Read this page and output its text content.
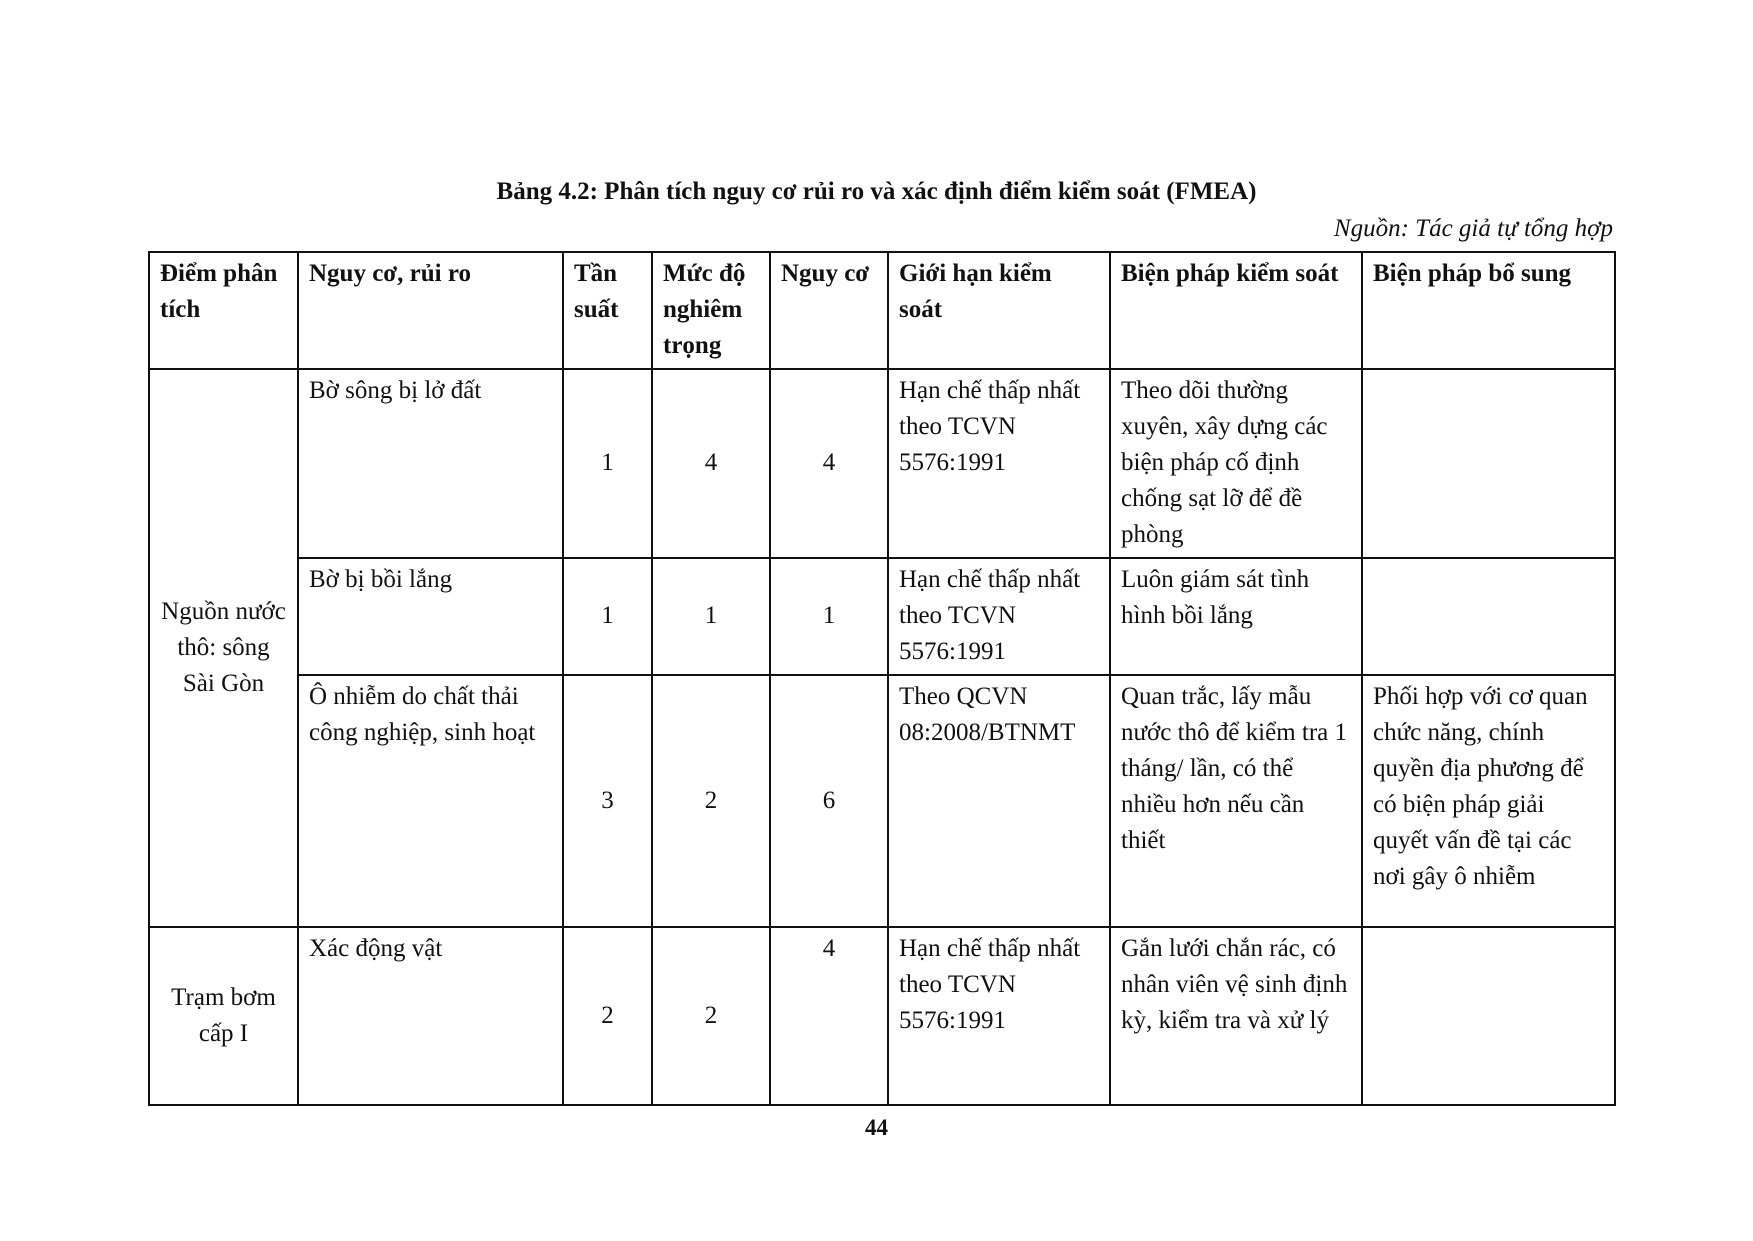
Bảng 4.2: Phân tích nguy cơ rủi ro và xác định điểm kiểm soát (FMEA)
Nguồn: Tác giả tự tổng hợp
Điểm phân tích	Nguy cơ, rủi ro	Tần suất	Mức độ nghiêm trọng	Nguy cơ	Giới hạn kiểm soát	Biện pháp kiểm soát	Biện pháp bổ sung
Nguồn nước thô: sông Sài Gòn	Bờ sông bị lở đất	1	4	4	Hạn chế thấp nhất theo TCVN 5576:1991	Theo dõi thường xuyên, xây dựng các biện pháp cố định chống sạt lỡ để đề phòng	
	Bờ bị bồi lắng	1	1	1	Hạn chế thấp nhất theo TCVN 5576:1991	Luôn giám sát tình hình bồi lắng	
	Ô nhiễm do chất thải công nghiệp, sinh hoạt	3	2	6	Theo QCVN 08:2008/BTNMT	Quan trắc, lấy mẫu nước thô để kiểm tra 1 tháng/ lần, có thể nhiều hơn nếu cần thiết	Phối hợp với cơ quan chức năng, chính quyền địa phương để có biện pháp giải quyết vấn đề tại các nơi gây ô nhiễm
Trạm bơm cấp I	Xác động vật	2	2	4	Hạn chế thấp nhất theo TCVN 5576:1991	Gắn lưới chắn rác, có nhân viên vệ sinh định kỳ, kiểm tra và xử lý	
44
